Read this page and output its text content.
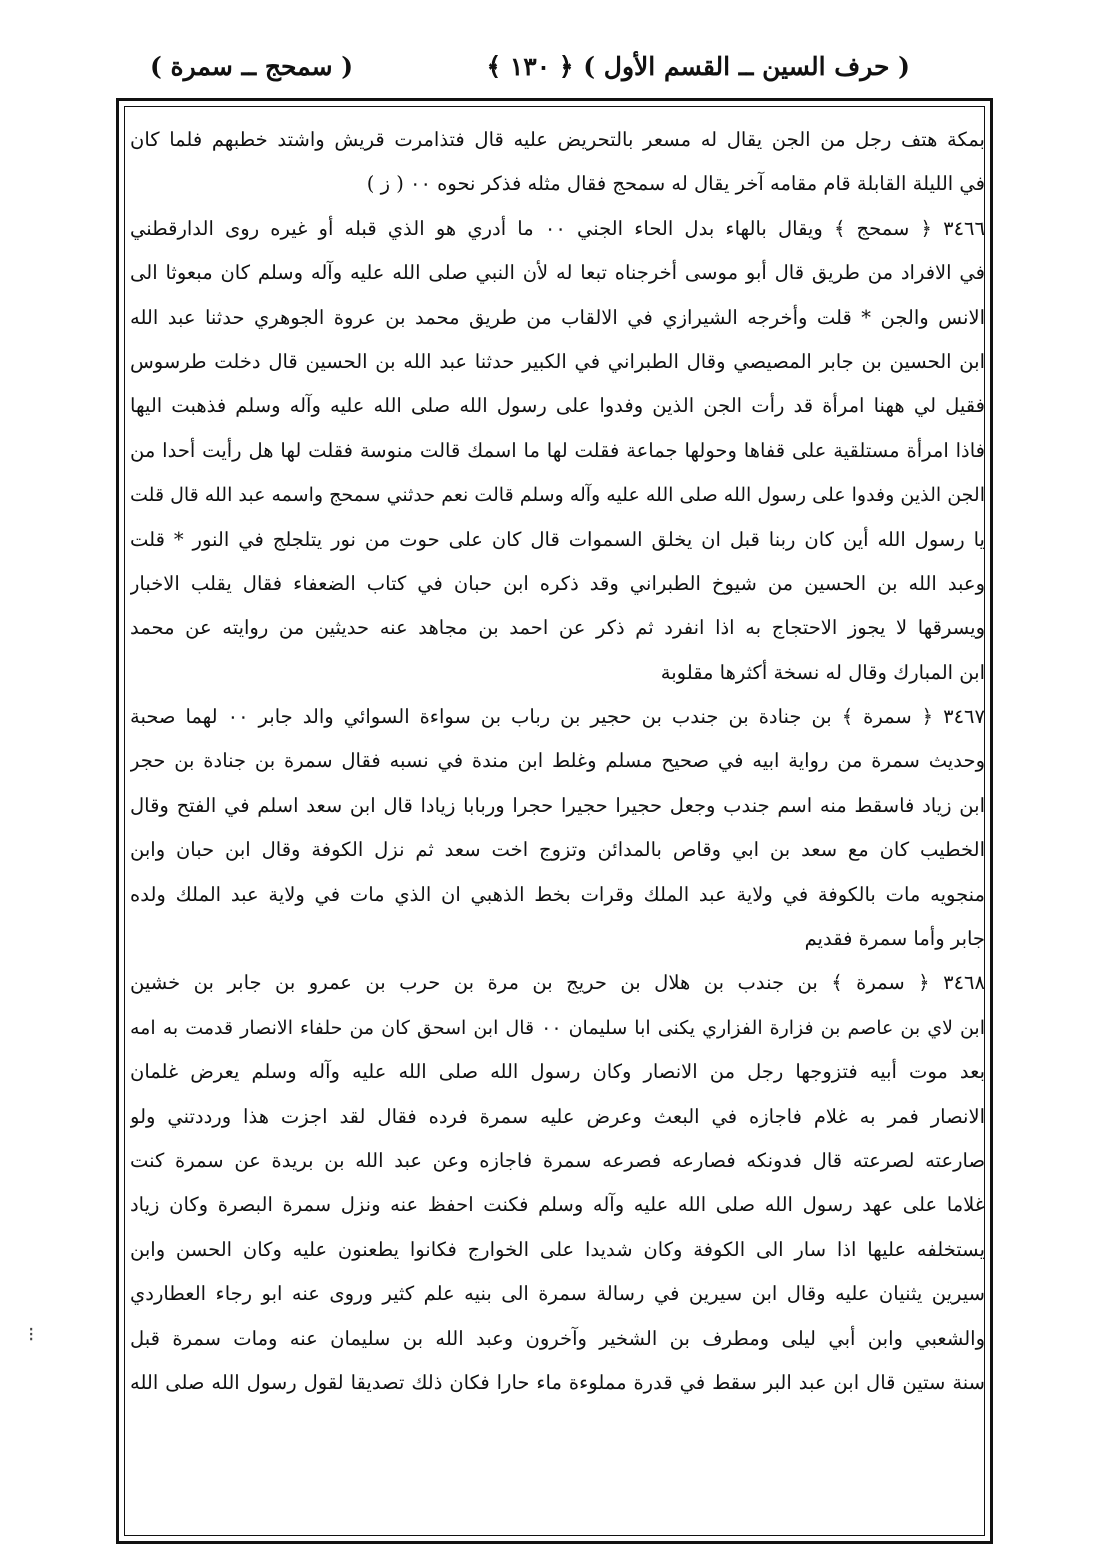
( حرف السين ــ القسم الأول )
﴿ ١٣٠ ﴾
( سمحج ــ سمرة )
بمكة هتف رجل من الجن يقال له مسعر بالتحريض عليه قال فتذامرت قريش واشتد خطبهم فلما كان
في الليلة القابلة قام مقامه آخر يقال له سمحج فقال مثله فذكر نحوه ٠٠ ( ز )
٣٤٦٦ ﴿ سمحج ﴾ ويقال بالهاء بدل الحاء الجني ٠٠ ما أدري هو الذي قبله أو غيره روى الدارقطني
في الافراد من طريق قال أبو موسى أخرجناه تبعا له لأن النبي صلى الله عليه وآله وسلم كان مبعوثا الى
الانس والجن * قلت وأخرجه الشيرازي في الالقاب من طريق محمد بن عروة الجوهري حدثنا عبد الله
ابن الحسين بن جابر المصيصي وقال الطبراني في الكبير حدثنا عبد الله بن الحسين قال دخلت طرسوس
فقيل لي ههنا امرأة قد رأت الجن الذين وفدوا على رسول الله صلى الله عليه وآله وسلم فذهبت اليها
فاذا امرأة مستلقية على قفاها وحولها جماعة فقلت لها ما اسمك قالت منوسة فقلت لها هل رأيت أحدا من
الجن الذين وفدوا على رسول الله صلى الله عليه وآله وسلم قالت نعم حدثني سمحج واسمه عبد الله قال قلت
يا رسول الله أين كان ربنا قبل ان يخلق السموات قال كان على حوت من نور يتلجلج في النور * قلت
وعبد الله بن الحسين من شيوخ الطبراني وقد ذكره ابن حبان في كتاب الضعفاء فقال يقلب الاخبار
ويسرقها لا يجوز الاحتجاج به اذا انفرد ثم ذكر عن احمد بن مجاهد عنه حديثين من روايته عن محمد
ابن المبارك وقال له نسخة أكثرها مقلوبة
٣٤٦٧ ﴿ سمرة ﴾ بن جنادة بن جندب بن حجير بن رباب بن سواءة السوائي والد جابر ٠٠ لهما صحبة
وحديث سمرة من رواية ابيه في صحيح مسلم وغلط ابن مندة في نسبه فقال سمرة بن جنادة بن حجر
ابن زياد فاسقط منه اسم جندب وجعل حجيرا حجيرا حجرا وربابا زيادا قال ابن سعد اسلم في الفتح وقال
الخطيب كان مع سعد بن ابي وقاص بالمدائن وتزوج اخت سعد ثم نزل الكوفة وقال ابن حبان وابن
منجويه مات بالكوفة في ولاية عبد الملك وقرات بخط الذهبي ان الذي مات في ولاية عبد الملك ولده
جابر وأما سمرة فقديم
٣٤٦٨ ﴿ سمرة ﴾ بن جندب بن هلال بن حريج بن مرة بن حرب بن عمرو بن جابر بن خشين
ابن لاي بن عاصم بن فزارة الفزاري يكنى ابا سليمان ٠٠ قال ابن اسحق كان من حلفاء الانصار قدمت به امه
بعد موت أبيه فتزوجها رجل من الانصار وكان رسول الله صلى الله عليه وآله وسلم يعرض غلمان
الانصار فمر به غلام فاجازه في البعث وعرض عليه سمرة فرده فقال لقد اجزت هذا ورددتني ولو
صارعته لصرعته قال فدونكه فصارعه فصرعه سمرة فاجازه وعن عبد الله بن بريدة عن سمرة كنت
غلاما على عهد رسول الله صلى الله عليه وآله وسلم فكنت احفظ عنه ونزل سمرة البصرة وكان زياد
يستخلفه عليها اذا سار الى الكوفة وكان شديدا على الخوارج فكانوا يطعنون عليه وكان الحسن وابن
سيرين يثنيان عليه وقال ابن سيرين في رسالة سمرة الى بنيه علم كثير وروى عنه ابو رجاء العطاردي
والشعبي وابن أبي ليلى ومطرف بن الشخير وآخرون وعبد الله بن سليمان عنه ومات سمرة قبل
سنة ستين قال ابن عبد البر سقط في قدرة مملوءة ماء حارا فكان ذلك تصديقا لقول رسول الله صلى الله
⁝
